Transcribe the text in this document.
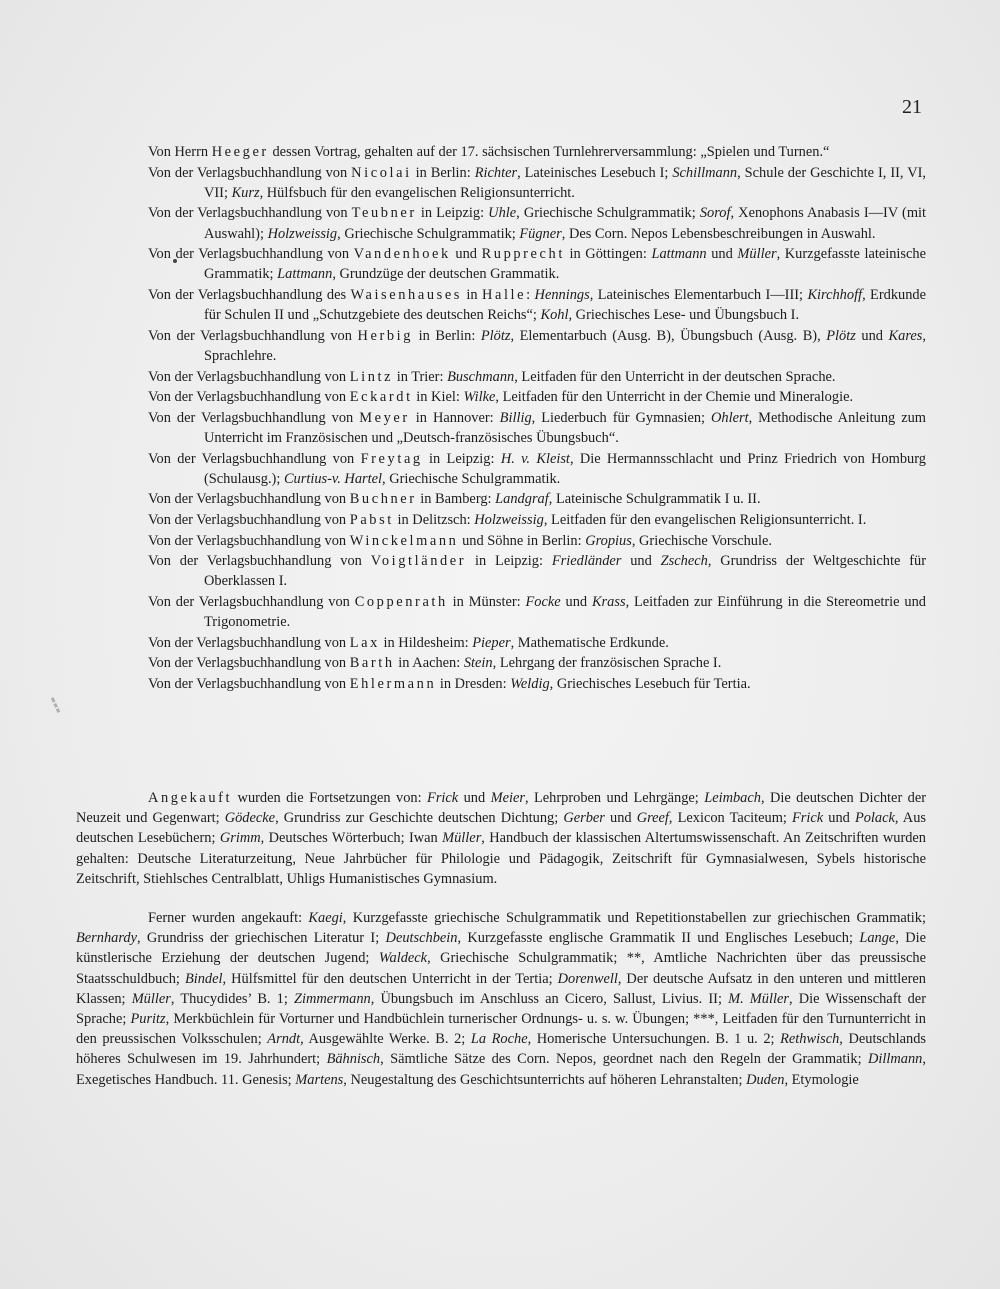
21

Von Herrn Heeger dessen Vortrag, gehalten auf der 17. sächsischen Turnlehrerversammlung: „Spielen und Turnen.“

Von der Verlagsbuchhandlung von Nicolai in Berlin: Richter, Lateinisches Lesebuch I; Schillmann, Schule der Geschichte I, II, VI, VII; Kurz, Hülfsbuch für den evangelischen Religionsunterricht.

Von der Verlagsbuchhandlung von Teubner in Leipzig: Uhle, Griechische Schulgrammatik; Sorof, Xenophons Anabasis I—IV (mit Auswahl); Holzweissig, Griechische Schulgrammatik; Fügner, Des Corn. Nepos Lebensbeschreibungen in Auswahl.

Von der Verlagsbuchhandlung von Vandenhoek und Rupprecht in Göttingen: Lattmann und Müller, Kurzgefasste lateinische Grammatik; Lattmann, Grundzüge der deutschen Grammatik.

Von der Verlagsbuchhandlung des Waisenhauses in Halle: Hennings, Lateinisches Elementarbuch I—III; Kirchhoff, Erdkunde für Schulen II und „Schutzgebiete des deutschen Reichs“; Kohl, Griechisches Lese- und Übungsbuch I.

Von der Verlagsbuchhandlung von Herbig in Berlin: Plötz, Elementarbuch (Ausg. B), Übungsbuch (Ausg. B), Plötz und Kares, Sprachlehre.

Von der Verlagsbuchhandlung von Lintz in Trier: Buschmann, Leitfaden für den Unterricht in der deutschen Sprache.

Von der Verlagsbuchhandlung von Eckardt in Kiel: Wilke, Leitfaden für den Unterricht in der Chemie und Mineralogie.

Von der Verlagsbuchhandlung von Meyer in Hannover: Billig, Liederbuch für Gymnasien; Ohlert, Methodische Anleitung zum Unterricht im Französischen und „Deutsch-französisches Übungsbuch“.

Von der Verlagsbuchhandlung von Freytag in Leipzig: H. v. Kleist, Die Hermannsschlacht und Prinz Friedrich von Homburg (Schulausg.); Curtius-v. Hartel, Griechische Schulgrammatik.

Von der Verlagsbuchhandlung von Buchner in Bamberg: Landgraf, Lateinische Schulgrammatik I u. II.

Von der Verlagsbuchhandlung von Pabst in Delitzsch: Holzweissig, Leitfaden für den evangelischen Religionsunterricht. I.

Von der Verlagsbuchhandlung von Winckelmann und Söhne in Berlin: Gropius, Griechische Vorschule.

Von der Verlagsbuchhandlung von Voigtländer in Leipzig: Friedländer und Zschech, Grundriss der Weltgeschichte für Oberklassen I.

Von der Verlagsbuchhandlung von Coppenrath in Münster: Focke und Krass, Leitfaden zur Einführung in die Stereometrie und Trigonometrie.

Von der Verlagsbuchhandlung von Lax in Hildesheim: Pieper, Mathematische Erdkunde.

Von der Verlagsbuchhandlung von Barth in Aachen: Stein, Lehrgang der französischen Sprache I.

Von der Verlagsbuchhandlung von Ehlermann in Dresden: Weldig, Griechisches Lesebuch für Tertia.

Angekauft wurden die Fortsetzungen von: Frick und Meier, Lehrproben und Lehrgänge; Leimbach, Die deutschen Dichter der Neuzeit und Gegenwart; Gödecke, Grundriss zur Geschichte deutschen Dichtung; Gerber und Greef, Lexicon Taciteum; Frick und Polack, Aus deutschen Lesebüchern; Grimm, Deutsches Wörterbuch; Iwan Müller, Handbuch der klassischen Altertumswissenschaft. An Zeitschriften wurden gehalten: Deutsche Literaturzeitung, Neue Jahrbücher für Philologie und Pädagogik, Zeitschrift für Gymnasialwesen, Sybels historische Zeitschrift, Stiehlsches Centralblatt, Uhligs Humanistisches Gymnasium.

Ferner wurden angekauft: Kaegi, Kurzgefasste griechische Schulgrammatik und Repetitionstabellen zur griechischen Grammatik; Bernhardy, Grundriss der griechischen Literatur I; Deutschbein, Kurzgefasste englische Grammatik II und Englisches Lesebuch; Lange, Die künstlerische Erziehung der deutschen Jugend; Waldeck, Griechische Schulgrammatik; **, Amtliche Nachrichten über das preussische Staatsschuldbuch; Bindel, Hülfsmittel für den deutschen Unterricht in der Tertia; Dorenwell, Der deutsche Aufsatz in den unteren und mittleren Klassen; Müller, Thucydides’ B. 1; Zimmermann, Übungsbuch im Anschluss an Cicero, Sallust, Livius. II; M. Müller, Die Wissenschaft der Sprache; Puritz, Merkbüchlein für Vorturner und Handbüchlein turnerischer Ordnungs- u. s. w. Übungen; ***, Leitfaden für den Turnunterricht in den preussischen Volksschulen; Arndt, Ausgewählte Werke. B. 2; La Roche, Homerische Untersuchungen. B. 1 u. 2; Rethwisch, Deutschlands höheres Schulwesen im 19. Jahrhundert; Bähnisch, Sämtliche Sätze des Corn. Nepos, geordnet nach den Regeln der Grammatik; Dillmann, Exegetisches Handbuch. 11. Genesis; Martens, Neugestaltung des Geschichtsunterrichts auf höheren Lehranstalten; Duden, Etymologie
